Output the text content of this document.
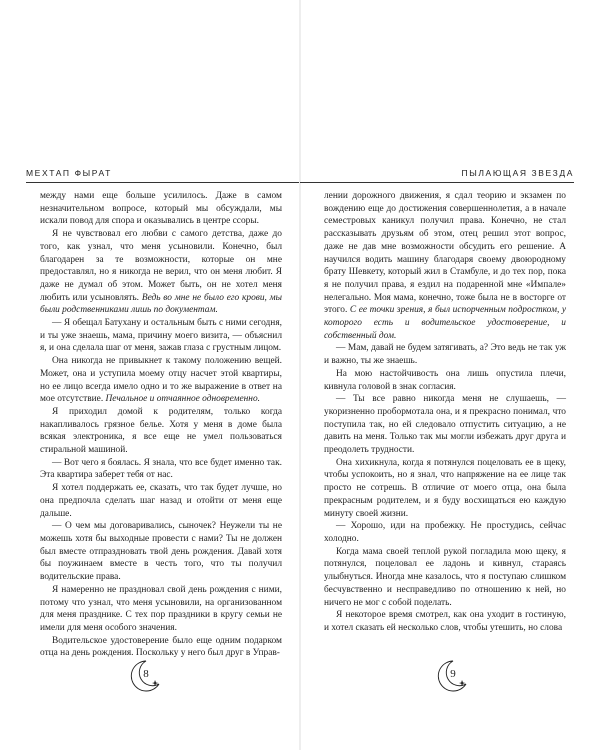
МЕХТАП ФЫРАТ

между нами еще больше усилилось. Даже в самом незначительном вопросе, который мы обсуждали, мы искали повод для спора и оказывались в центре ссоры.

Я не чувствовал его любви с самого детства, даже до того, как узнал, что меня усыновили. Конечно, был благодарен за те возможности, которые он мне предоставлял, но я никогда не верил, что он меня любит. Я даже не думал об этом. Может быть, он не хотел меня любить или усыновлять. Ведь во мне не было его крови, мы были родственниками лишь по документам.

— Я обещал Батухану и остальным быть с ними сегодня, и ты уже знаешь, мама, причину моего визита, — объяснил я, и она сделала шаг от меня, зажав глаза с грустным лицом.

Она никогда не привыкнет к такому положению вещей. Может, она и уступила моему отцу насчет этой квартиры, но ее лицо всегда имело одно и то же выражение в ответ на мое отсутствие. Печальное и отчаянное одновременно.

Я приходил домой к родителям, только когда накапливалось грязное белье. Хотя у меня в доме была всякая электроника, я все еще не умел пользоваться стиральной машиной.

— Вот чего я боялась. Я знала, что все будет именно так. Эта квартира заберет тебя от нас.

Я хотел поддержать ее, сказать, что так будет лучше, но она предпочла сделать шаг назад и отойти от меня еще дальше.

— О чем мы договаривались, сыночек? Неужели ты не можешь хотя бы выходные провести с нами? Ты не должен был вместе отпраздновать твой день рождения. Давай хотя бы поужинаем вместе в честь того, что ты получил водительские права.

Я намеренно не праздновал свой день рождения с ними, потому что узнал, что меня усыновили, на организованном для меня празднике. С тех пор праздники в кругу семьи не имели для меня особого значения.

Водительское удостоверение было еще одним подарком отца на день рождения. Поскольку у него был друг в Управ-

8
ПЫЛАЮЩАЯ ЗВЕЗДА

лении дорожного движения, я сдал теорию и экзамен по вождению еще до достижения совершеннолетия, а в начале семестровых каникул получил права. Конечно, не стал рассказывать друзьям об этом, отец решил этот вопрос, даже не дав мне возможности обсудить его решение. А научился водить машину благодаря своему двоюродному брату Шевкету, который жил в Стамбуле, и до тех пор, пока я не получил права, я ездил на подаренной мне «Импале» нелегально. Моя мама, конечно, тоже была не в восторге от этого. С ее точки зрения, я был испорченным подростком, у которого есть и водительское удостоверение, и собственный дом.

— Мам, давай не будем затягивать, а? Это ведь не так уж и важно, ты же знаешь.

На мою настойчивость она лишь опустила плечи, кивнула головой в знак согласия.

— Ты все равно никогда меня не слушаешь, — укоризненно пробормотала она, и я прекрасно понимал, что поступила так, но ей следовало отпустить ситуацию, а не давить на меня. Только так мы могли избежать друг друга и преодолеть трудности.

Она хихикнула, когда я потянулся поцеловать ее в щеку, чтобы успокоить, но я знал, что напряжение на ее лице так просто не сотрешь. В отличие от моего отца, она была прекрасным родителем, и я буду восхищаться ею каждую минуту своей жизни.

— Хорошо, иди на пробежку. Не простудись, сейчас холодно.

Когда мама своей теплой рукой погладила мою щеку, я потянулся, поцеловал ее ладонь и кивнул, стараясь улыбнуться. Иногда мне казалось, что я поступаю слишком бесчувственно и несправедливо по отношению к ней, но ничего не мог с собой поделать.

Я некоторое время смотрел, как она уходит в гостиную, и хотел сказать ей несколько слов, чтобы утешить, но слова

9
